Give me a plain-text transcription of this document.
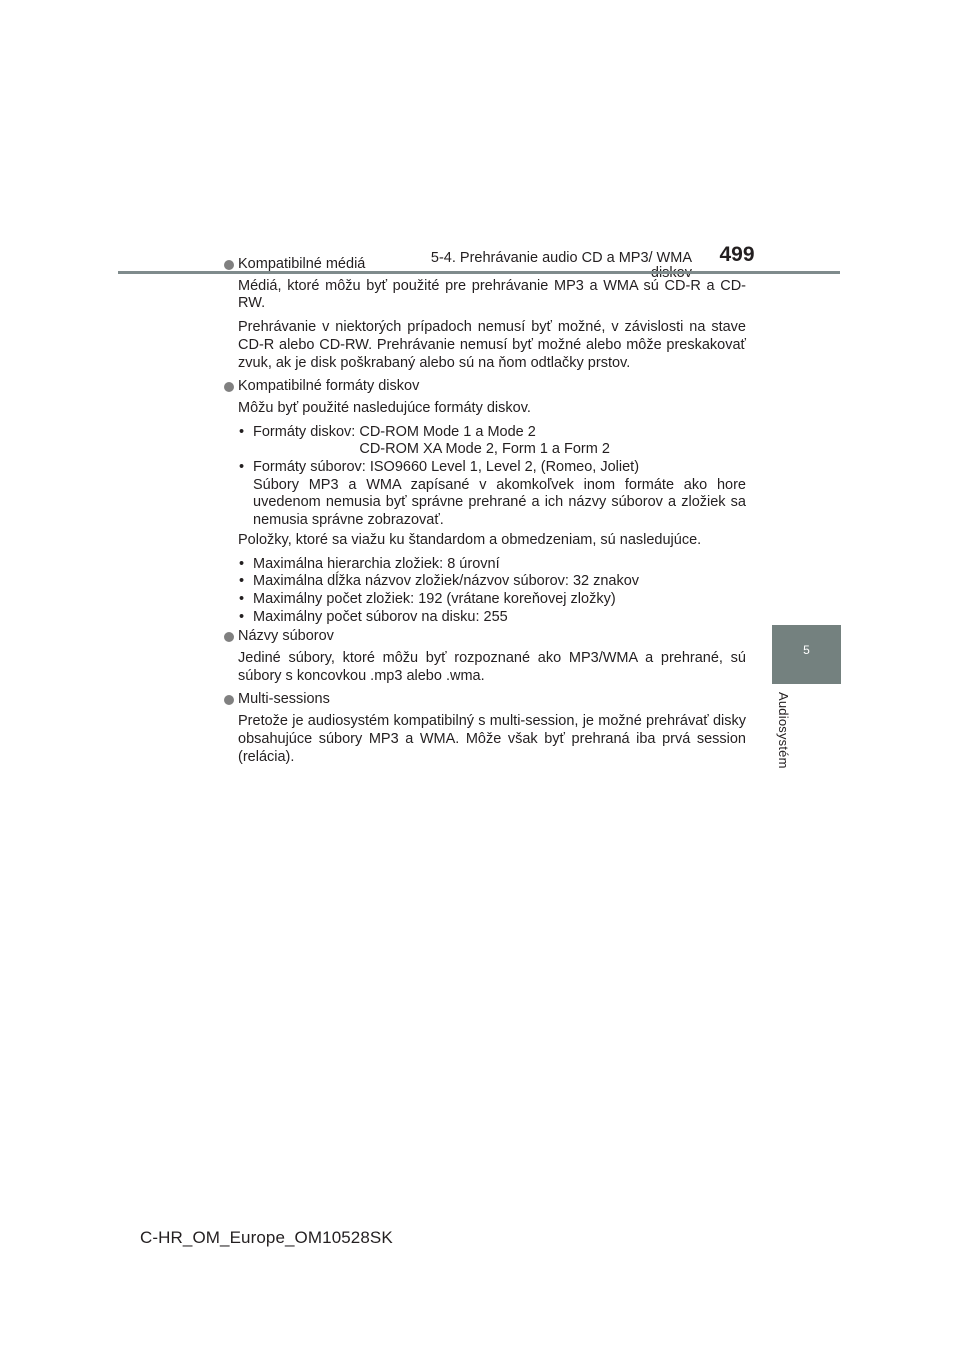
5-4. Prehrávanie audio CD a MP3/ WMA	499
5
Audiosystém
Kompatibilné médiá

Médiá, ktoré môžu byť použité pre prehrávanie MP3 a WMA sú CD-R a CD-RW.

Prehrávanie v niektorých prípadoch nemusí byť možné, v závislosti na stave CD-R alebo CD-RW. Prehrávanie nemusí byť možné alebo môže preskakovať zvuk, ak je disk poškrabaný alebo sú na ňom odtlačky prstov.

Kompatibilné formáty diskov

Môžu byť použité nasledujúce formáty diskov.

• Formáty diskov: CD-ROM Mode 1 a Mode 2
CD-ROM XA Mode 2, Form 1 a Form 2
• Formáty súborov: ISO9660 Level 1, Level 2, (Romeo, Joliet)
Súbory MP3 a WMA zapísané v akomkoľvek inom formáte ako hore uvedenom nemusia byť správne prehrané a ich názvy súborov a zložiek sa nemusia správne zobrazovať.

Položky, ktoré sa viažu ku štandardom a obmedzeniam, sú nasledujúce.

• Maximálna hierarchia zložiek: 8 úrovní
• Maximálna dĺžka názvov zložiek/názvov súborov: 32 znakov
• Maximálny počet zložiek: 192 (vrátane koreňovej zložky)
• Maximálny počet súborov na disku: 255
Názvy súborov

Jediné súbory, ktoré môžu byť rozpoznané ako MP3/WMA a prehrané, sú súbory s koncovkou .mp3 alebo .wma.

Multi-sessions

Pretože je audiosystém kompatibilný s multi-session, je možné prehrávať disky obsahujúce súbory MP3 a WMA. Môže však byť prehraná iba prvá session (relácia).

C-HR_OM_Europe_OM10528SK
